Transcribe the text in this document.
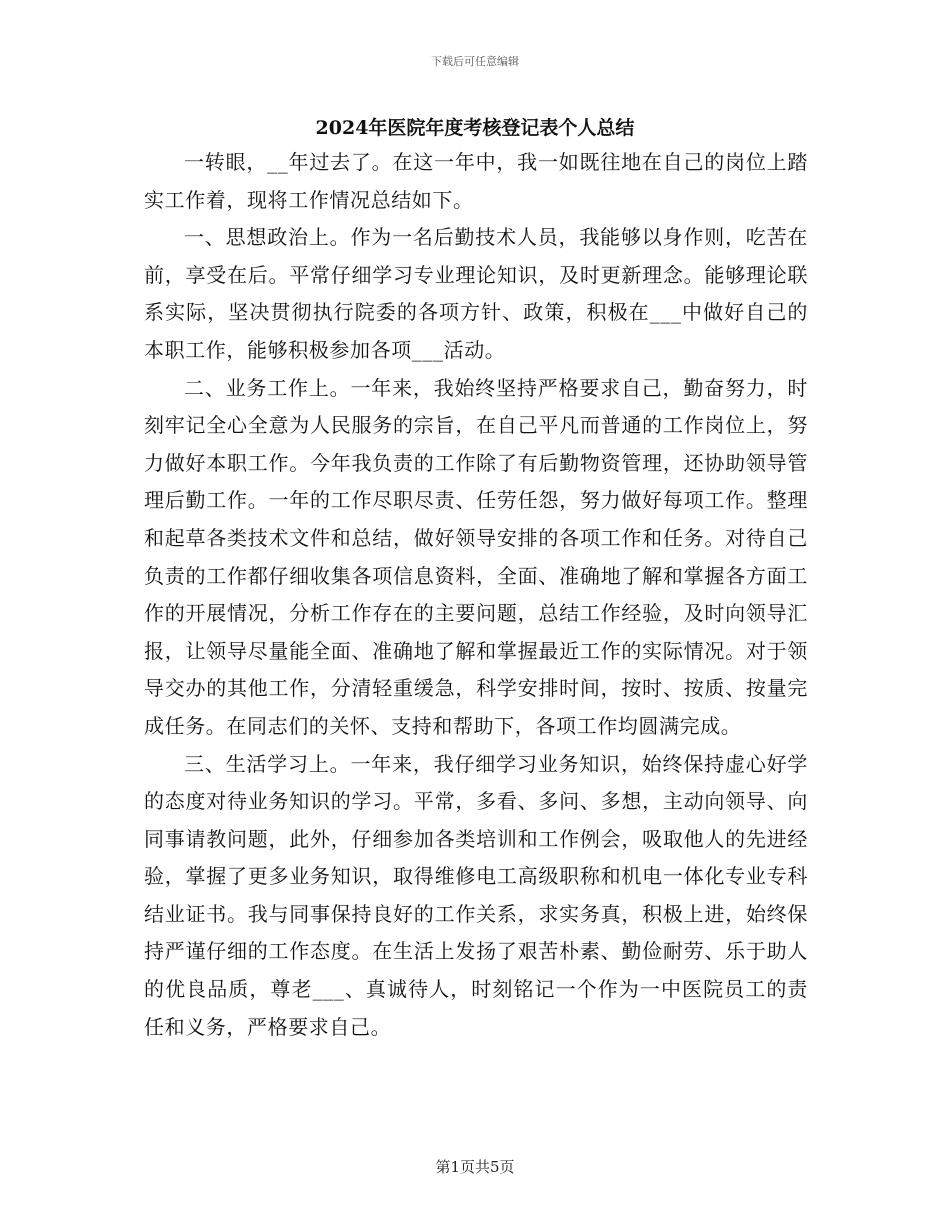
下载后可任意编辑
2024年医院年度考核登记表个人总结

一转眼，__年过去了。在这一年中，我一如既往地在自己的岗位上踏实工作着，现将工作情况总结如下。

一、思想政治上。作为一名后勤技术人员，我能够以身作则，吃苦在前，享受在后。平常仔细学习专业理论知识，及时更新理念。能够理论联系实际，坚决贯彻执行院委的各项方针、政策，积极在___中做好自己的本职工作，能够积极参加各项___活动。

二、业务工作上。一年来，我始终坚持严格要求自己，勤奋努力，时刻牢记全心全意为人民服务的宗旨，在自己平凡而普通的工作岗位上，努力做好本职工作。今年我负责的工作除了有后勤物资管理，还协助领导管理后勤工作。一年的工作尽职尽责、任劳任怨，努力做好每项工作。整理和起草各类技术文件和总结，做好领导安排的各项工作和任务。对待自己负责的工作都仔细收集各项信息资料，全面、准确地了解和掌握各方面工作的开展情况，分析工作存在的主要问题，总结工作经验，及时向领导汇报，让领导尽量能全面、准确地了解和掌握最近工作的实际情况。对于领导交办的其他工作，分清轻重缓急，科学安排时间，按时、按质、按量完成任务。在同志们的关怀、支持和帮助下，各项工作均圆满完成。

三、生活学习上。一年来，我仔细学习业务知识，始终保持虚心好学的态度对待业务知识的学习。平常，多看、多问、多想，主动向领导、向同事请教问题，此外，仔细参加各类培训和工作例会，吸取他人的先进经验，掌握了更多业务知识，取得维修电工高级职称和机电一体化专业专科结业证书。我与同事保持良好的工作关系，求实务真，积极上进，始终保持严谨仔细的工作态度。在生活上发扬了艰苦朴素、勤俭耐劳、乐于助人的优良品质，尊老___、真诚待人，时刻铭记一个作为一中医院员工的责任和义务，严格要求自己。

第1页共5页
